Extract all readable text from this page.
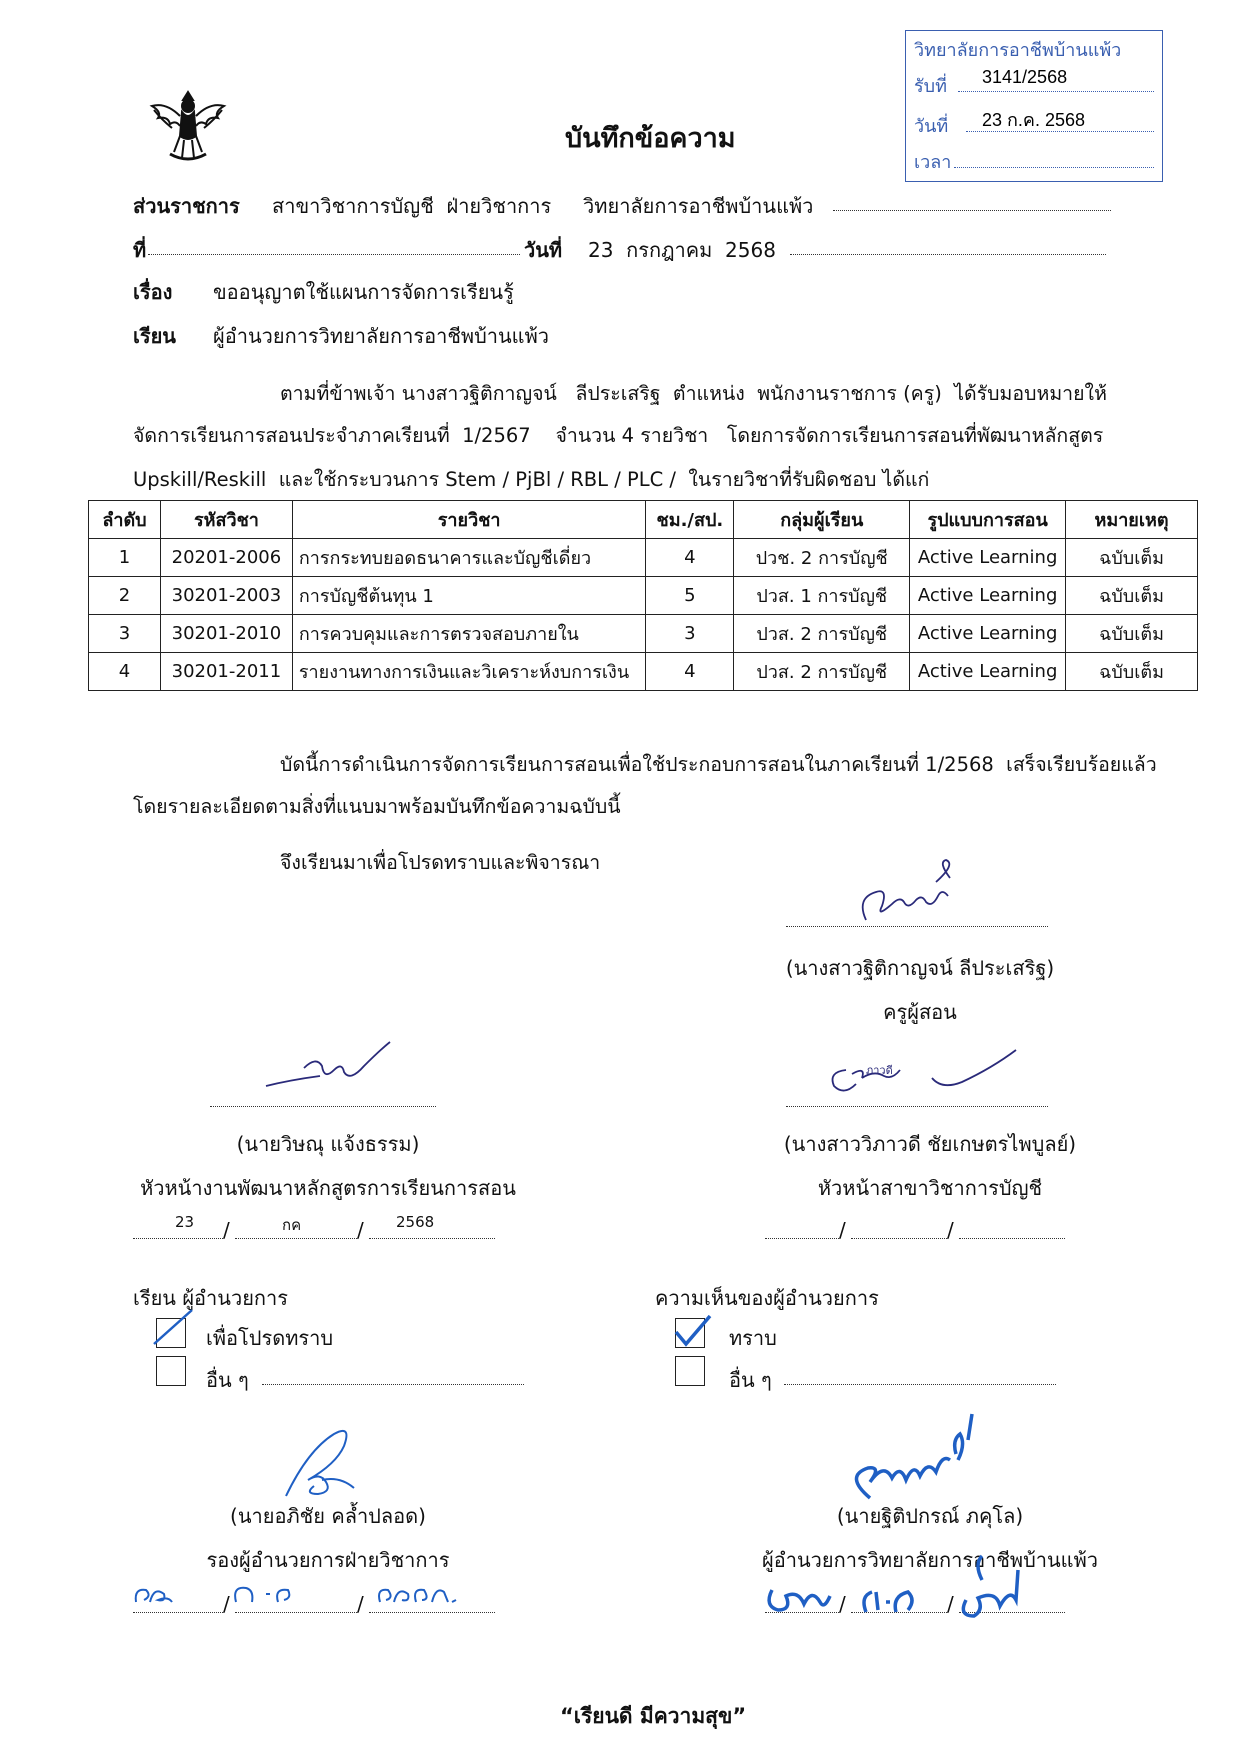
วิทยาลัยการอาชีพบ้านแพ้ว
รับที่ 3141/2568
วันที่ 23 ก.ค. 2568
เวลา
บันทึกข้อความ
ส่วนราชการ สาขาวิชาการบัญชี  ฝ่ายวิชาการ     วิทยาลัยการอาชีพบ้านแพ้ว
ที่	วันที่ 23  กรกฎาคม  2568
เรื่อง ขออนุญาตใช้แผนการจัดการเรียนรู้
เรียน ผู้อำนวยการวิทยาลัยการอาชีพบ้านแพ้ว
ตามที่ข้าพเจ้า นางสาวฐิติกาญจน์   ลีประเสริฐ  ตำแหน่ง  พนักงานราชการ (ครู)  ได้รับมอบหมายให้
จัดการเรียนการสอนประจำภาคเรียนที่  1/2567    จำนวน 4 รายวิชา   โดยการจัดการเรียนการสอนที่พัฒนาหลักสูตร
Upskill/Reskill  และใช้กระบวนการ Stem / PjBl / RBL / PLC /  ในรายวิชาที่รับผิดชอบ ได้แก่
ลำดับ	รหัสวิชา	รายวิชา	ชม./สป.	กลุ่มผู้เรียน	รูปแบบการสอน	หมายเหตุ
1	20201-2006	การกระทบยอดธนาคารและบัญชีเดี่ยว	4	ปวช. 2 การบัญชี	Active Learning	ฉบับเต็ม
2	30201-2003	การบัญชีต้นทุน 1	5	ปวส. 1 การบัญชี	Active Learning	ฉบับเต็ม
3	30201-2010	การควบคุมและการตรวจสอบภายใน	3	ปวส. 2 การบัญชี	Active Learning	ฉบับเต็ม
4	30201-2011	รายงานทางการเงินและวิเคราะห์งบการเงิน	4	ปวส. 2 การบัญชี	Active Learning	ฉบับเต็ม
บัดนี้การดำเนินการจัดการเรียนการสอนเพื่อใช้ประกอบการสอนในภาคเรียนที่ 1/2568  เสร็จเรียบร้อยแล้ว
โดยรายละเอียดตามสิ่งที่แนบมาพร้อมบันทึกข้อความฉบับนี้
จึงเรียนมาเพื่อโปรดทราบและพิจารณา
(นางสาวฐิติกาญจน์ ลีประเสริฐ)
ครูผู้สอน
(นายวิษณุ แจ้งธรรม)
หัวหน้างานพัฒนาหลักสูตรการเรียนการสอน
23 /	กค	/ 2568
ภาวดี
(นางสาววิภาวดี ชัยเกษตรไพบูลย์)
หัวหน้าสาขาวิชาการบัญชี
/	/
เรียน ผู้อำนวยการ
เพื่อโปรดทราบ
อื่น ๆ
ความเห็นของผู้อำนวยการ
ทราบ
อื่น ๆ
(นายอภิชัย คล้ำปลอด)
รองผู้อำนวยการฝ่ายวิชาการ
/	/
(นายฐิติปกรณ์ ภคุโล)
ผู้อำนวยการวิทยาลัยการอาชีพบ้านแพ้ว
/	/
“เรียนดี มีความสุข”
